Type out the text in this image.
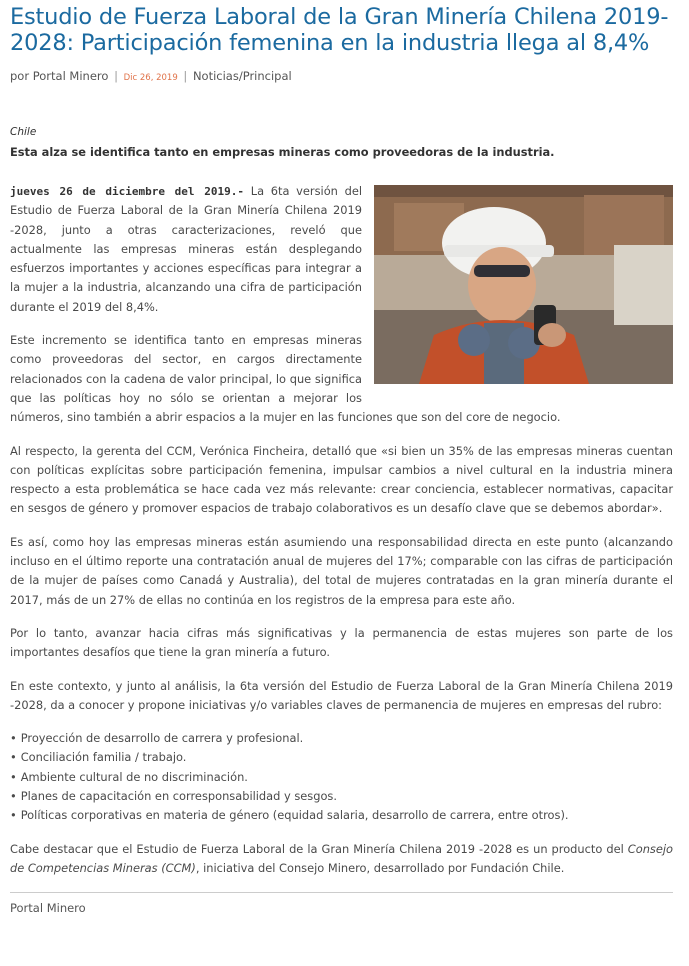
Estudio de Fuerza Laboral de la Gran Minería Chilena 2019- 2028: Participación femenina en la industria llega al 8,4%
por Portal Minero | Dic 26, 2019 | Noticias/Principal
Chile
Esta alza se identifica tanto en empresas mineras como proveedoras de la industria.

jueves 26 de diciembre del 2019.- La 6ta versión del Estudio de Fuerza Laboral de la Gran Minería Chilena 2019 -2028, junto a otras caracterizaciones, reveló que actualmente las empresas mineras están desplegando esfuerzos importantes y acciones específicas para integrar a la mujer a la industria, alcanzando una cifra de participación durante el 2019 del 8,4%.

Este incremento se identifica tanto en empresas mineras como proveedoras del sector, en cargos directamente relacionados con la cadena de valor principal, lo que significa que las políticas hoy no sólo se orientan a mejorar los números, sino también a abrir espacios a la mujer en las funciones que son del core de negocio.

Al respecto, la gerenta del CCM, Verónica Fincheira, detalló que «si bien un 35% de las empresas mineras cuentan con políticas explícitas sobre participación femenina, impulsar cambios a nivel cultural en la industria minera respecto a esta problemática se hace cada vez más relevante: crear conciencia, establecer normativas, capacitar en sesgos de género y promover espacios de trabajo colaborativos es un desafío clave que se debemos abordar».

Es así, como hoy las empresas mineras están asumiendo una responsabilidad directa en este punto (alcanzando incluso en el último reporte una contratación anual de mujeres del 17%; comparable con las cifras de participación de la mujer de países como Canadá y Australia), del total de mujeres contratadas en la gran minería durante el 2017, más de un 27% de ellas no continúa en los registros de la empresa para este año.

Por lo tanto, avanzar hacia cifras más significativas y la permanencia de estas mujeres son parte de los importantes desafíos que tiene la gran minería a futuro.

En este contexto, y junto al análisis, la 6ta versión del Estudio de Fuerza Laboral de la Gran Minería Chilena 2019 -2028, da a conocer y propone iniciativas y/o variables claves de permanencia de mujeres en empresas del rubro:

• Proyección de desarrollo de carrera y profesional.
• Conciliación familia / trabajo.
• Ambiente cultural de no discriminación.
• Planes de capacitación en corresponsabilidad y sesgos.
• Políticas corporativas en materia de género (equidad salaria, desarrollo de carrera, entre otros).

Cabe destacar que el Estudio de Fuerza Laboral de la Gran Minería Chilena 2019 -2028 es un producto del Consejo de Competencias Mineras (CCM), iniciativa del Consejo Minero, desarrollado por Fundación Chile.

Portal Minero
